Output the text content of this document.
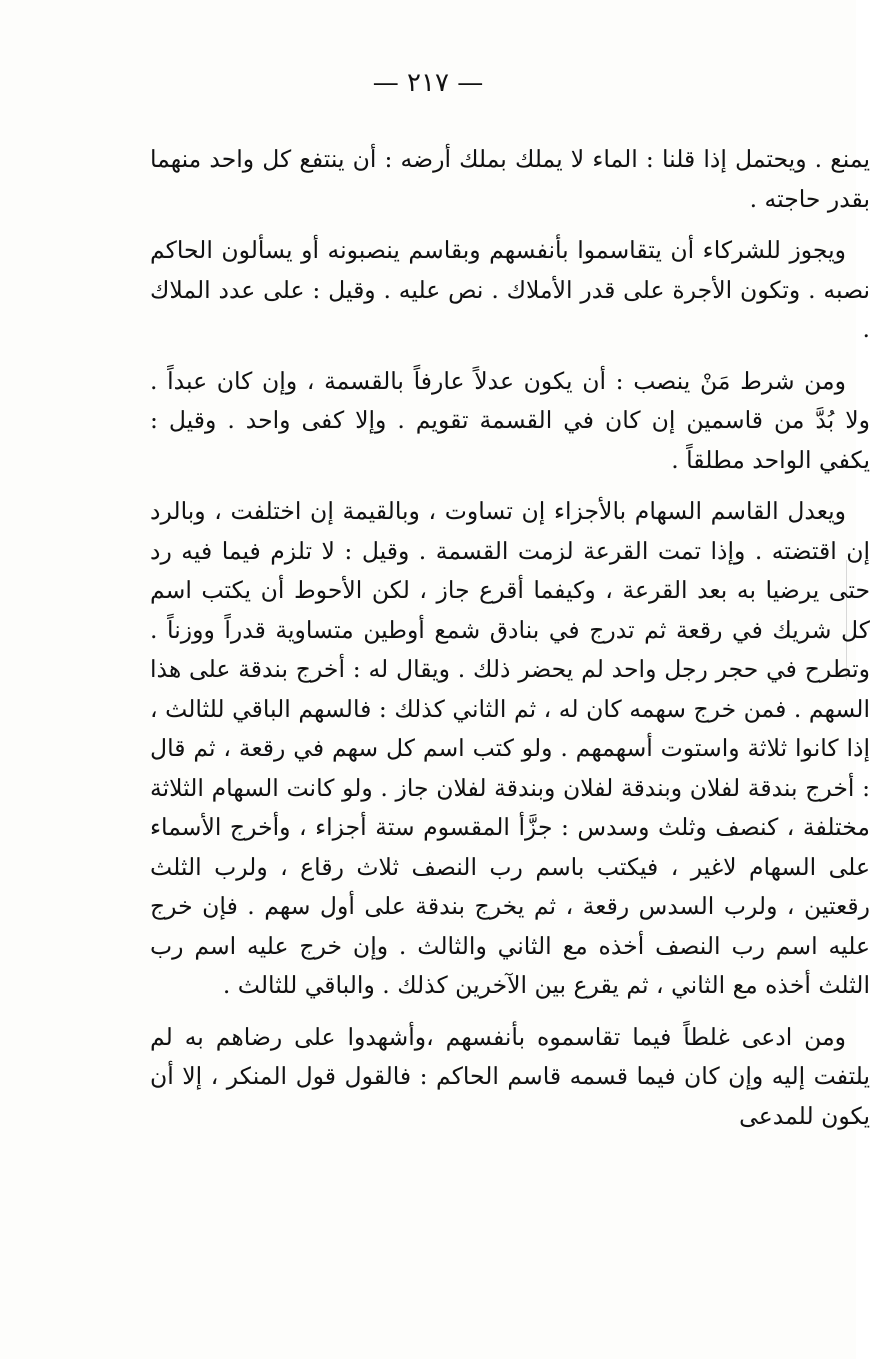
— ٢١٧ —

يمنع . ويحتمل إذا قلنا : الماء لا يملك بملك أرضه : أن ينتفع كل واحد منهما بقدر حاجته .

ويجوز للشركاء أن يتقاسموا بأنفسهم وبقاسم ينصبونه أو يسألون الحاكم نصبه . وتكون الأجرة على قدر الأملاك . نص عليه . وقيل : على عدد الملاك .

ومن شرط مَنْ ينصب : أن يكون عدلاً عارفاً بالقسمة ، وإن كان عبداً . ولا بُدَّ من قاسمين إن كان في القسمة تقويم . وإلا كفى واحد . وقيل : يكفي الواحد مطلقاً .

ويعدل القاسم السهام بالأجزاء إن تساوت ، وبالقيمة إن اختلفت ، وبالرد إن اقتضته . وإذا تمت القرعة لزمت القسمة . وقيل : لا تلزم فيما فيه رد حتى يرضيا به بعد القرعة ، وكيفما أقرع جاز ، لكن الأحوط أن يكتب اسم كل شريك في رقعة ثم تدرج في بنادق شمع أوطين متساوية قدراً ووزناً . وتطرح في حجر رجل واحد لم يحضر ذلك . ويقال له : أخرج بندقة على هذا السهم . فمن خرج سهمه كان له ، ثم الثاني كذلك : فالسهم الباقي للثالث ، إذا كانوا ثلاثة واستوت أسهمهم . ولو كتب اسم كل سهم في رقعة ، ثم قال : أخرج بندقة لفلان وبندقة لفلان وبندقة لفلان جاز . ولو كانت السهام الثلاثة مختلفة ، كنصف وثلث وسدس : جزَّأ المقسوم ستة أجزاء ، وأخرج الأسماء على السهام لاغير ، فيكتب باسم رب النصف ثلاث رقاع ، ولرب الثلث رقعتين ، ولرب السدس رقعة ، ثم يخرج بندقة على أول سهم . فإن خرج عليه اسم رب النصف أخذه مع الثاني والثالث . وإن خرج عليه اسم رب الثلث أخذه مع الثاني ، ثم يقرع بين الآخرين كذلك . والباقي للثالث .

ومن ادعى غلطاً فيما تقاسموه بأنفسهم ،وأشهدوا على رضاهم به لم يلتفت إليه وإن كان فيما قسمه قاسم الحاكم : فالقول قول المنكر ، إلا أن يكون للمدعى
